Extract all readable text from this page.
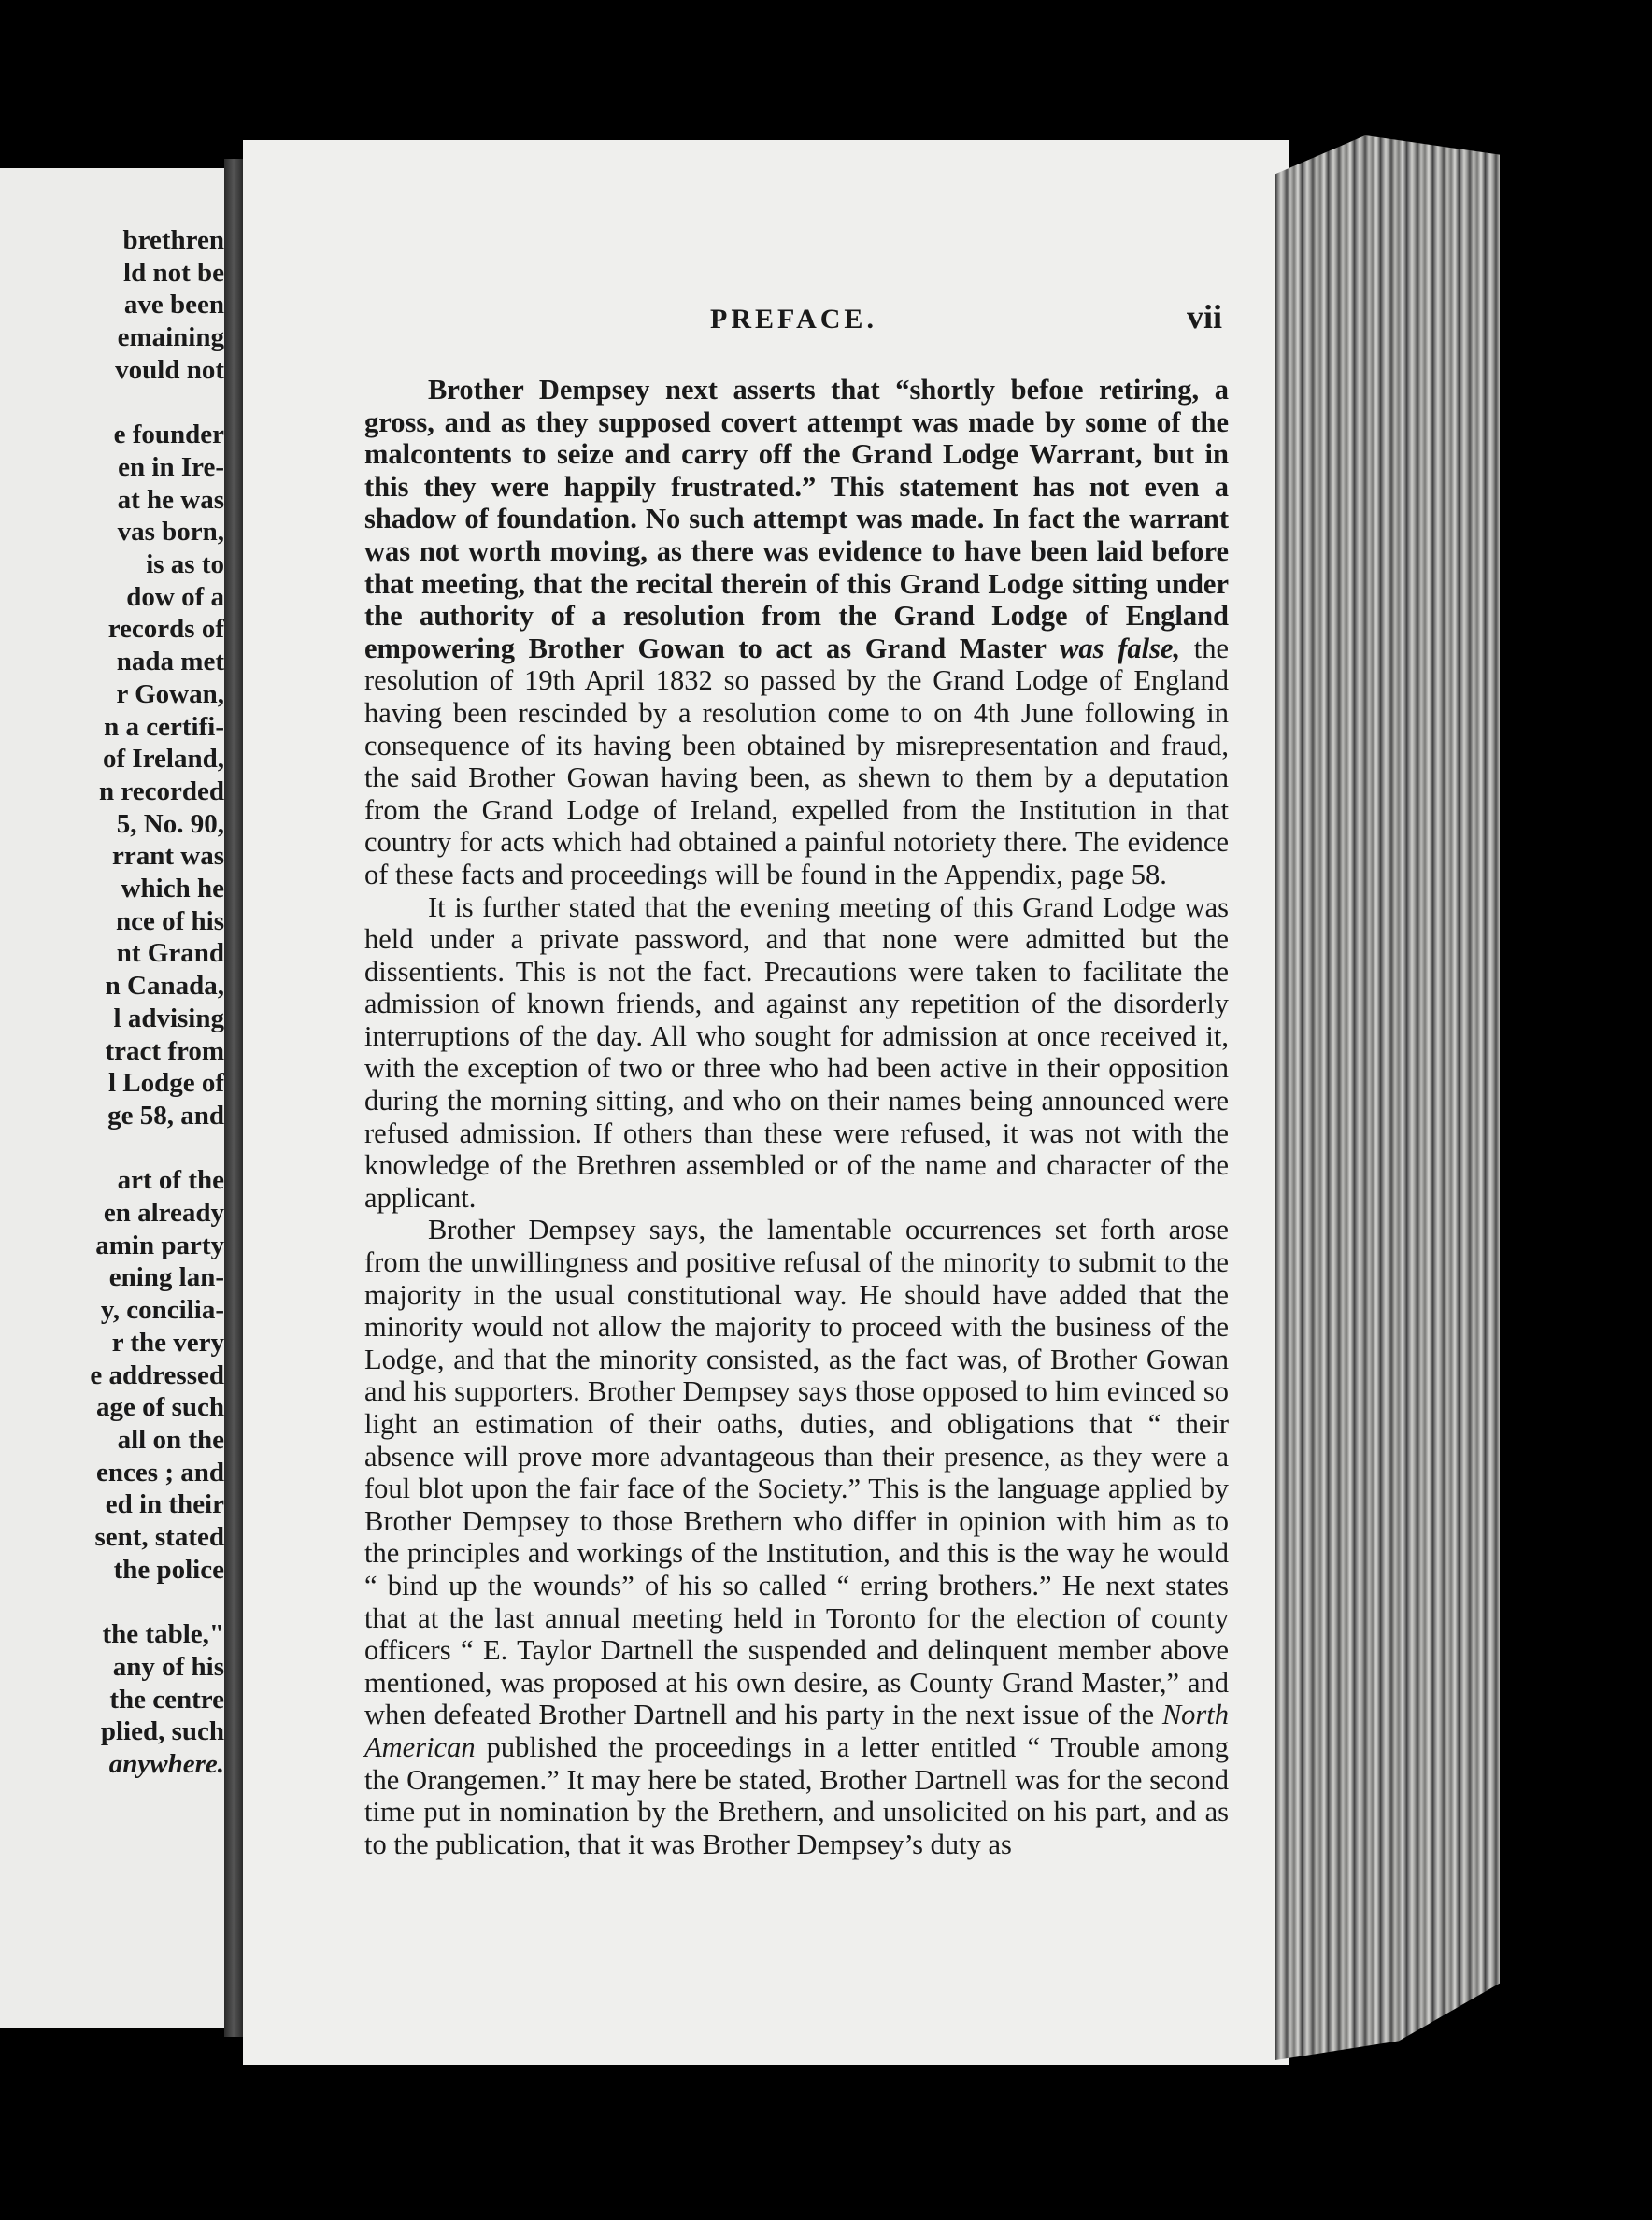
brethren
ld not be
ave been
emaining
vould not
e founder
en in Ire-
at he was
vas born,
is as to
dow of a
records of
nada met
r Gowan,
n a certifi-
of Ireland,
n recorded
5, No. 90,
rrant was
which he
nce of his
nt Grand
n Canada,
l advising
tract from
l Lodge of
ge 58, and
art of the
en already
amin party
ening lan-
y, concilia-
r the very
e addressed
age of such
all on the
ences ; and
ed in their
sent, stated
the police
the table,"
any of his
the centre
plied, such
anywhere.
PREFACE.	vii

Brother Dempsey next asserts that “shortly befoıe retiring, a gross, and as they supposed covert attempt was made by some of the malcontents to seize and carry off the Grand Lodge Warrant, but in this they were happily frustrated.” This statement has not even a shadow of foundation. No such attempt was made. In fact the warrant was not worth moving, as there was evidence to have been laid before that meeting, that the recital therein of this Grand Lodge sitting under the authority of a resolution from the Grand Lodge of England empowering Brother Gowan to act as Grand Master was false, the resolution of 19th April 1832 so passed by the Grand Lodge of England having been rescinded by a resolution come to on 4th June following in consequence of its having been obtained by misrepresentation and fraud, the said Brother Gowan having been, as shewn to them by a deputation from the Grand Lodge of Ireland, expelled from the Institution in that country for acts which had obtained a painful notoriety there. The evidence of these facts and proceedings will be found in the Appendix, page 58.

It is further stated that the evening meeting of this Grand Lodge was held under a private password, and that none were admitted but the dissentients. This is not the fact. Precautions were taken to facilitate the admission of known friends, and against any repetition of the disorderly interruptions of the day. All who sought for admission at once received it, with the exception of two or three who had been active in their opposition during the morning sitting, and who on their names being announced were refused admission. If others than these were refused, it was not with the knowledge of the Brethren assembled or of the name and character of the applicant.

Brother Dempsey says, the lamentable occurrences set forth arose from the unwillingness and positive refusal of the minority to submit to the majority in the usual constitutional way. He should have added that the minority would not allow the majority to proceed with the business of the Lodge, and that the minority consisted, as the fact was, of Brother Gowan and his supporters. Brother Dempsey says those opposed to him evinced so light an estimation of their oaths, duties, and obligations that “ their absence will prove more advantageous than their presence, as they were a foul blot upon the fair face of the Society.” This is the language applied by Brother Dempsey to those Brethern who differ in opinion with him as to the principles and workings of the Institution, and this is the way he would “ bind up the wounds” of his so called “ erring brothers.” He next states that at the last annual meeting held in Toronto for the election of county officers “ E. Taylor Dartnell the suspended and delinquent member above mentioned, was proposed at his own desire, as County Grand Master,” and when defeated Brother Dartnell and his party in the next issue of the North American published the proceedings in a letter entitled “ Trouble among the Orangemen.” It may here be stated, Brother Dartnell was for the second time put in nomination by the Brethern, and unsolicited on his part, and as to the publication, that it was Brother Dempsey’s duty as
